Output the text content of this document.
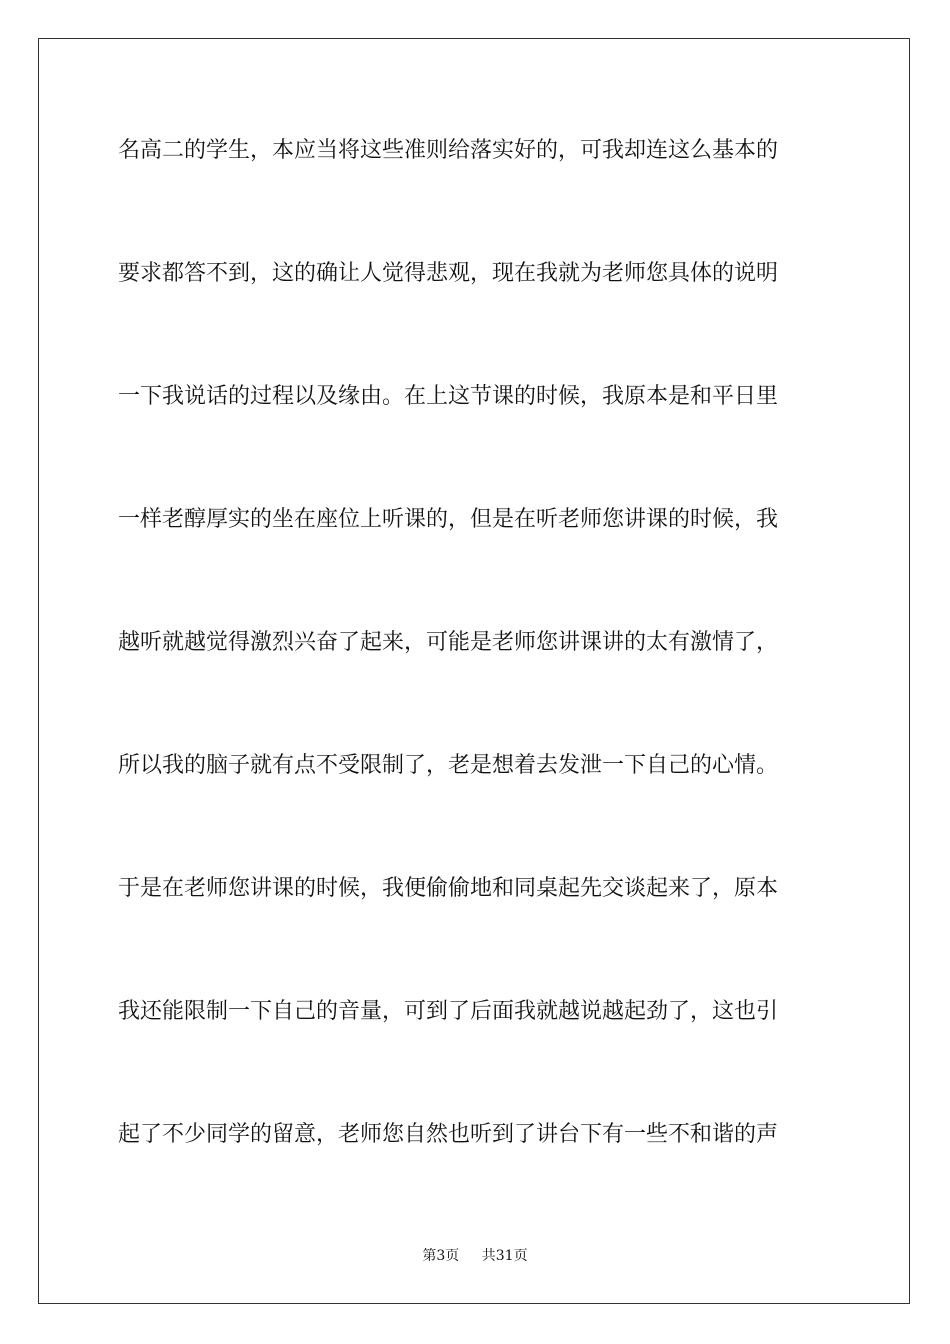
名高二的学生，本应当将这些准则给落实好的，可我却连这么基本的
要求都答不到，这的确让人觉得悲观，现在我就为老师您具体的说明
一下我说话的过程以及缘由。在上这节课的时候，我原本是和平日里
一样老醇厚实的坐在座位上听课的，但是在听老师您讲课的时候，我
越听就越觉得激烈兴奋了起来，可能是老师您讲课讲的太有激情了，
所以我的脑子就有点不受限制了，老是想着去发泄一下自己的心情。
于是在老师您讲课的时候，我便偷偷地和同桌起先交谈起来了，原本
我还能限制一下自己的音量，可到了后面我就越说越起劲了，这也引
起了不少同学的留意，老师您自然也听到了讲台下有一些不和谐的声
第3页 共31页
